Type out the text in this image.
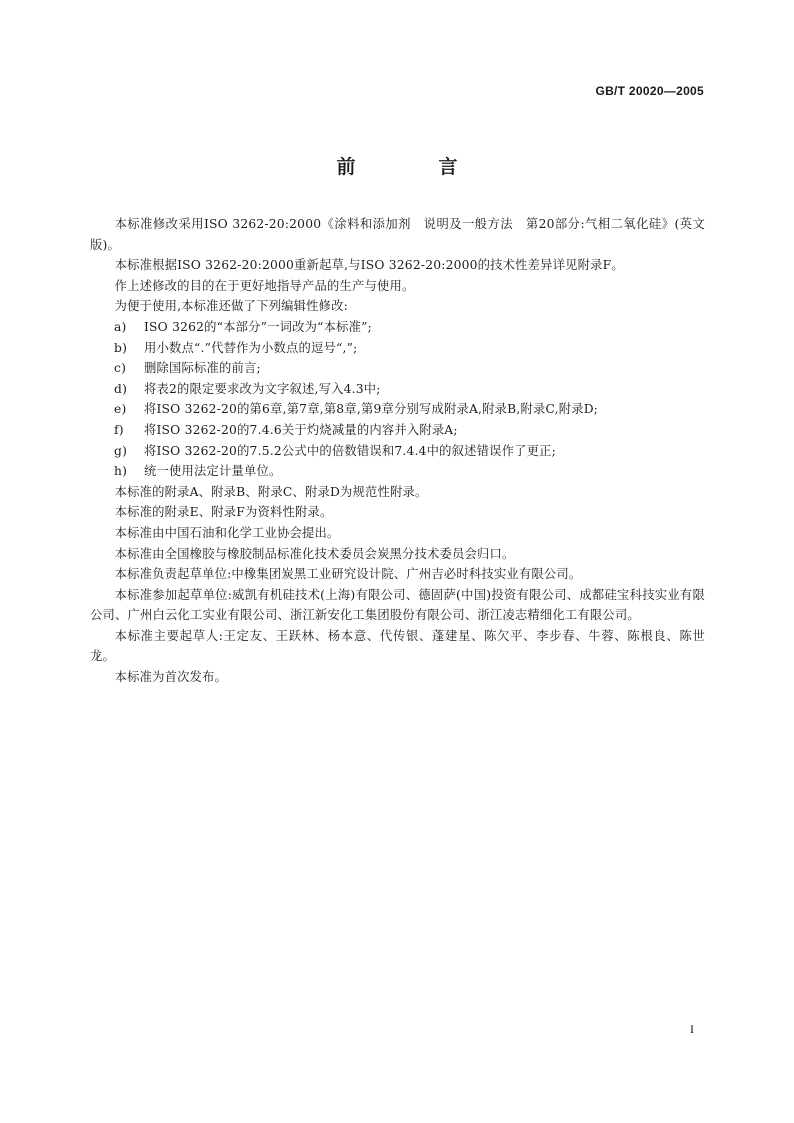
GB/T 20020—2005
前　言

本标准修改采用ISO 3262-20:2000《涂料和添加剂　说明及一般方法　第20部分:气相二氧化硅》(英文版)。

本标准根据ISO 3262-20:2000重新起草,与ISO 3262-20:2000的技术性差异详见附录F。

作上述修改的目的在于更好地指导产品的生产与使用。

为便于使用,本标准还做了下列编辑性修改:

a) ISO 3262的“本部分”一词改为“本标准”;
b) 用小数点“.”代替作为小数点的逗号“,”;
c) 删除国际标准的前言;
d) 将表2的限定要求改为文字叙述,写入4.3中;
e) 将ISO 3262-20的第6章,第7章,第8章,第9章分别写成附录A,附录B,附录C,附录D;
f) 将ISO 3262-20的7.4.6关于灼烧减量的内容并入附录A;
g) 将ISO 3262-20的7.5.2公式中的倍数错误和7.4.4中的叙述错误作了更正;
h) 统一使用法定计量单位。

本标准的附录A、附录B、附录C、附录D为规范性附录。

本标准的附录E、附录F为资料性附录。

本标准由中国石油和化学工业协会提出。

本标准由全国橡胶与橡胶制品标准化技术委员会炭黑分技术委员会归口。

本标准负责起草单位:中橡集团炭黑工业研究设计院、广州吉必时科技实业有限公司。

本标准参加起草单位:威凯有机硅技术(上海)有限公司、德固萨(中国)投资有限公司、成都硅宝科技实业有限公司、广州白云化工实业有限公司、浙江新安化工集团股份有限公司、浙江凌志精细化工有限公司。

本标准主要起草人:王定友、王跃林、杨本意、代传银、蓬建星、陈欠平、李步春、牛蓉、陈根良、陈世龙。

本标准为首次发布。

I
